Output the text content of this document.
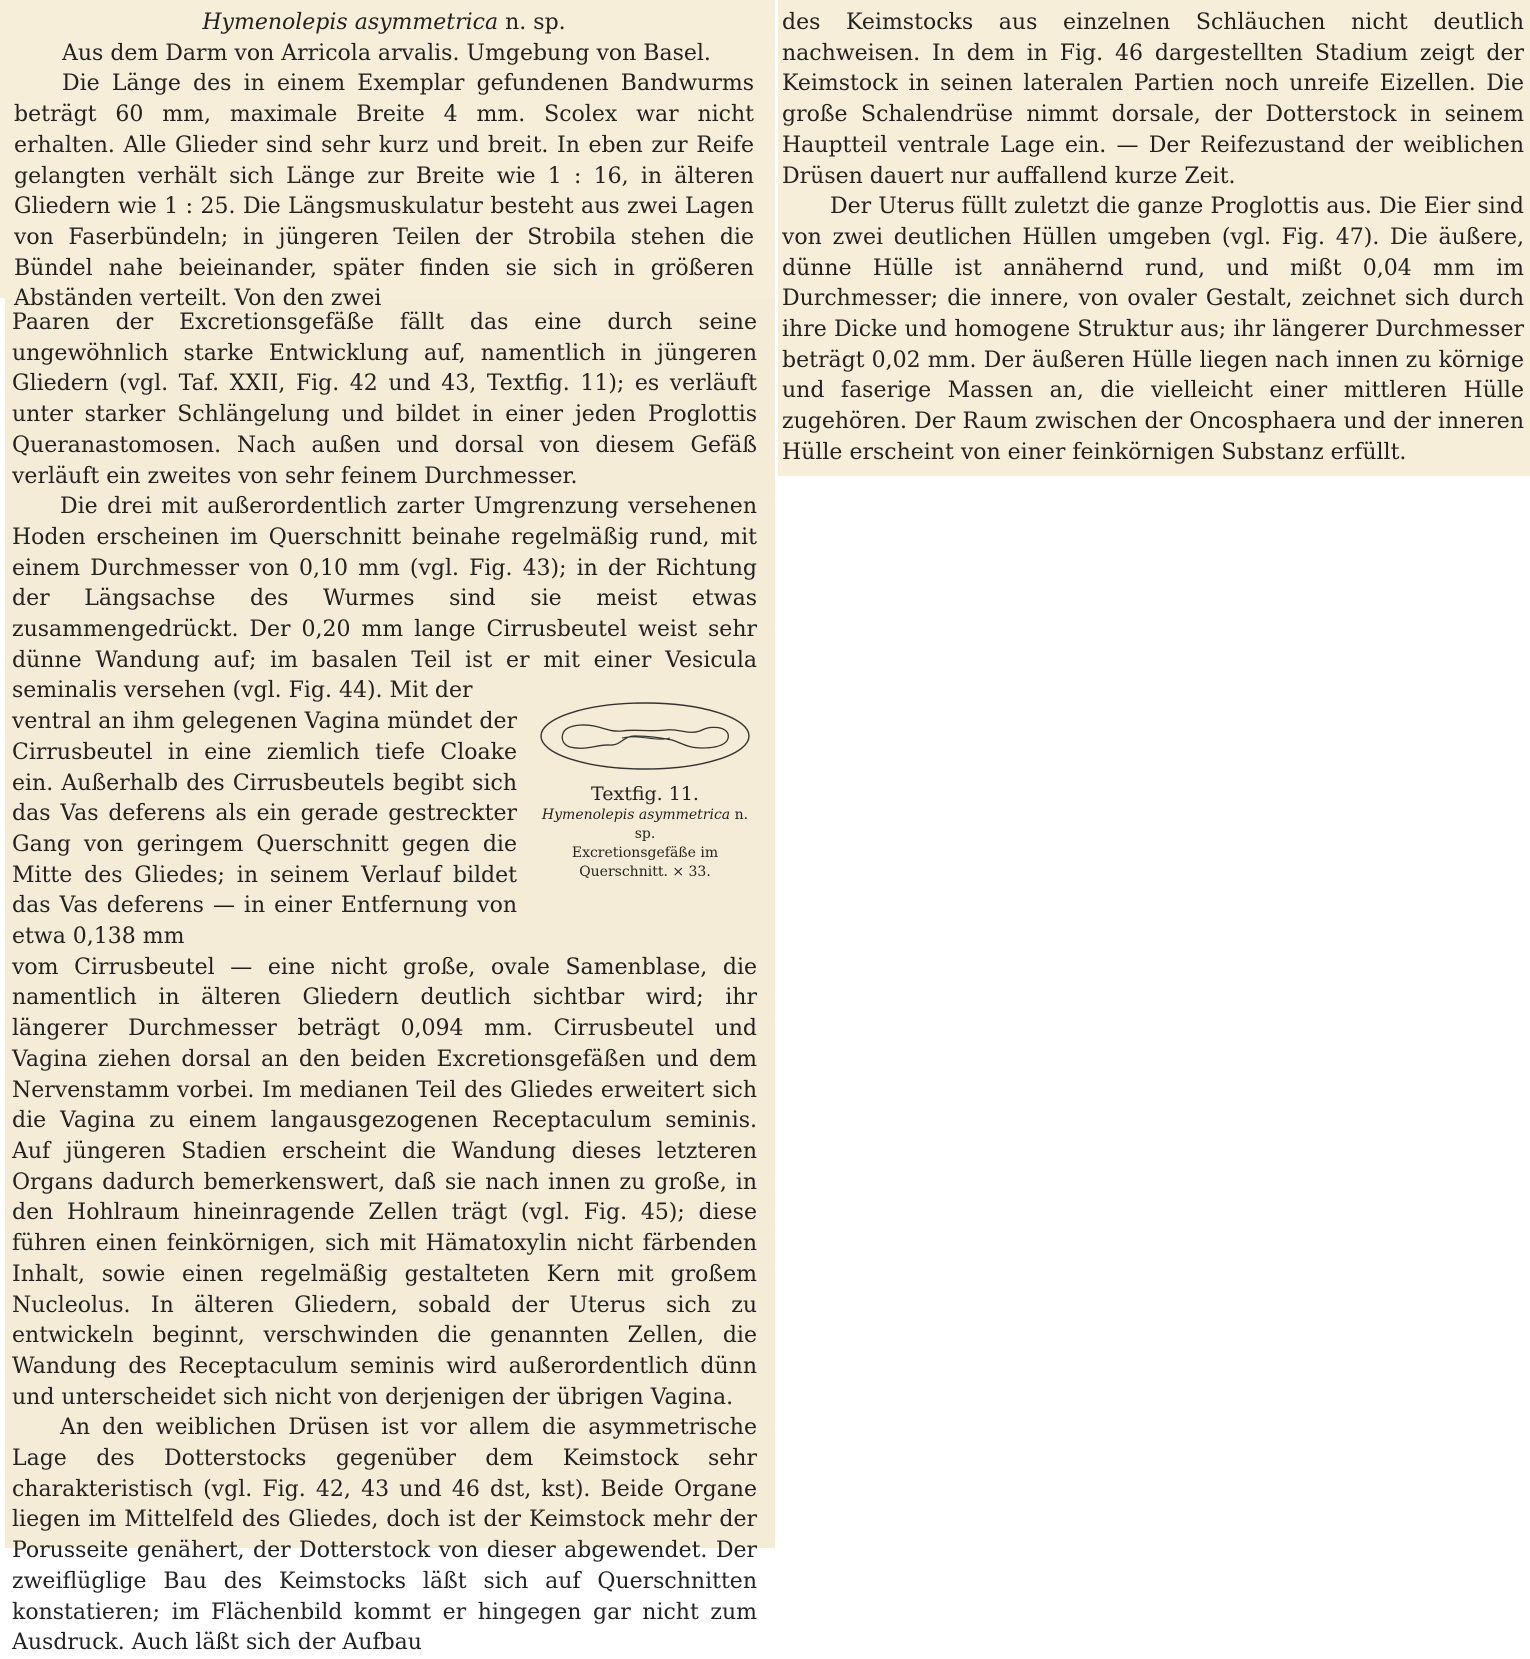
Hymenolepis asymmetrica n. sp.

Aus dem Darm von Arricola arvalis. Umgebung von Basel.

Die Länge des in einem Exemplar gefundenen Bandwurms beträgt 60 mm, maximale Breite 4 mm. Scolex war nicht erhalten. Alle Glieder sind sehr kurz und breit. In eben zur Reife gelangten verhält sich Länge zur Breite wie 1 : 16, in älteren Gliedern wie 1 : 25. Die Längsmuskulatur besteht aus zwei Lagen von Faserbündeln; in jüngeren Teilen der Strobila stehen die Bündel nahe beieinander, später finden sie sich in größeren Abständen verteilt. Von den zwei

Paaren der Excretionsgefäße fällt das eine durch seine ungewöhnlich starke Entwicklung auf, namentlich in jüngeren Gliedern (vgl. Taf. XXII, Fig. 42 und 43, Textfig. 11); es verläuft unter starker Schlängelung und bildet in einer jeden Proglottis Queranastomosen. Nach außen und dorsal von diesem Gefäß verläuft ein zweites von sehr feinem Durchmesser.

Die drei mit außerordentlich zarter Umgrenzung versehenen Hoden erscheinen im Querschnitt beinahe regelmäßig rund, mit einem Durchmesser von 0,10 mm (vgl. Fig. 43); in der Richtung der Längsachse des Wurmes sind sie meist etwas zusammengedrückt. Der 0,20 mm lange Cirrusbeutel weist sehr dünne Wandung auf; im basalen Teil ist er mit einer Vesicula seminalis versehen (vgl. Fig. 44). Mit der

ventral an ihm gelegenen Vagina mündet der Cirrusbeutel in eine ziemlich tiefe Cloake ein. Außerhalb des Cirrusbeutels begibt sich das Vas deferens als ein gerade gestreckter Gang von geringem Querschnitt gegen die Mitte des Gliedes; in seinem Verlauf bildet das Vas deferens — in einer Entfernung von etwa 0,138 mm

vom Cirrusbeutel — eine nicht große, ovale Samenblase, die namentlich in älteren Gliedern deutlich sichtbar wird; ihr längerer Durchmesser beträgt 0,094 mm. Cirrusbeutel und Vagina ziehen dorsal an den beiden Excretionsgefäßen und dem Nervenstamm vorbei. Im medianen Teil des Gliedes erweitert sich die Vagina zu einem langausgezogenen Receptaculum seminis. Auf jüngeren Stadien erscheint die Wandung dieses letzteren Organs dadurch bemerkenswert, daß sie nach innen zu große, in den Hohlraum hineinragende Zellen trägt (vgl. Fig. 45); diese führen einen feinkörnigen, sich mit Hämatoxylin nicht färbenden Inhalt, sowie einen regelmäßig gestalteten Kern mit großem Nucleolus. In älteren Gliedern, sobald der Uterus sich zu entwickeln beginnt, verschwinden die genannten Zellen, die Wandung des Receptaculum seminis wird außerordentlich dünn und unterscheidet sich nicht von derjenigen der übrigen Vagina.

An den weiblichen Drüsen ist vor allem die asymmetrische Lage des Dotterstocks gegenüber dem Keimstock sehr charakteristisch (vgl. Fig. 42, 43 und 46 dst, kst). Beide Organe liegen im Mittelfeld des Gliedes, doch ist der Keimstock mehr der Porusseite genähert, der Dotterstock von dieser abgewendet. Der zweiflüglige Bau des Keimstocks läßt sich auf Querschnitten konstatieren; im Flächenbild kommt er hingegen gar nicht zum Ausdruck. Auch läßt sich der Aufbau

Textfig. 11.
Hymenolepis asymmetrica n. sp.
Excretionsgefäße im Querschnitt. × 33.

des Keimstocks aus einzelnen Schläuchen nicht deutlich nachweisen. In dem in Fig. 46 dargestellten Stadium zeigt der Keimstock in seinen lateralen Partien noch unreife Eizellen. Die große Schalendrüse nimmt dorsale, der Dotterstock in seinem Hauptteil ventrale Lage ein. — Der Reifezustand der weiblichen Drüsen dauert nur auffallend kurze Zeit.

Der Uterus füllt zuletzt die ganze Proglottis aus. Die Eier sind von zwei deutlichen Hüllen umgeben (vgl. Fig. 47). Die äußere, dünne Hülle ist annähernd rund, und mißt 0,04 mm im Durchmesser; die innere, von ovaler Gestalt, zeichnet sich durch ihre Dicke und homogene Struktur aus; ihr längerer Durchmesser beträgt 0,02 mm. Der äußeren Hülle liegen nach innen zu körnige und faserige Massen an, die vielleicht einer mittleren Hülle zugehören. Der Raum zwischen der Oncosphaera und der inneren Hülle erscheint von einer feinkörnigen Substanz erfüllt.
